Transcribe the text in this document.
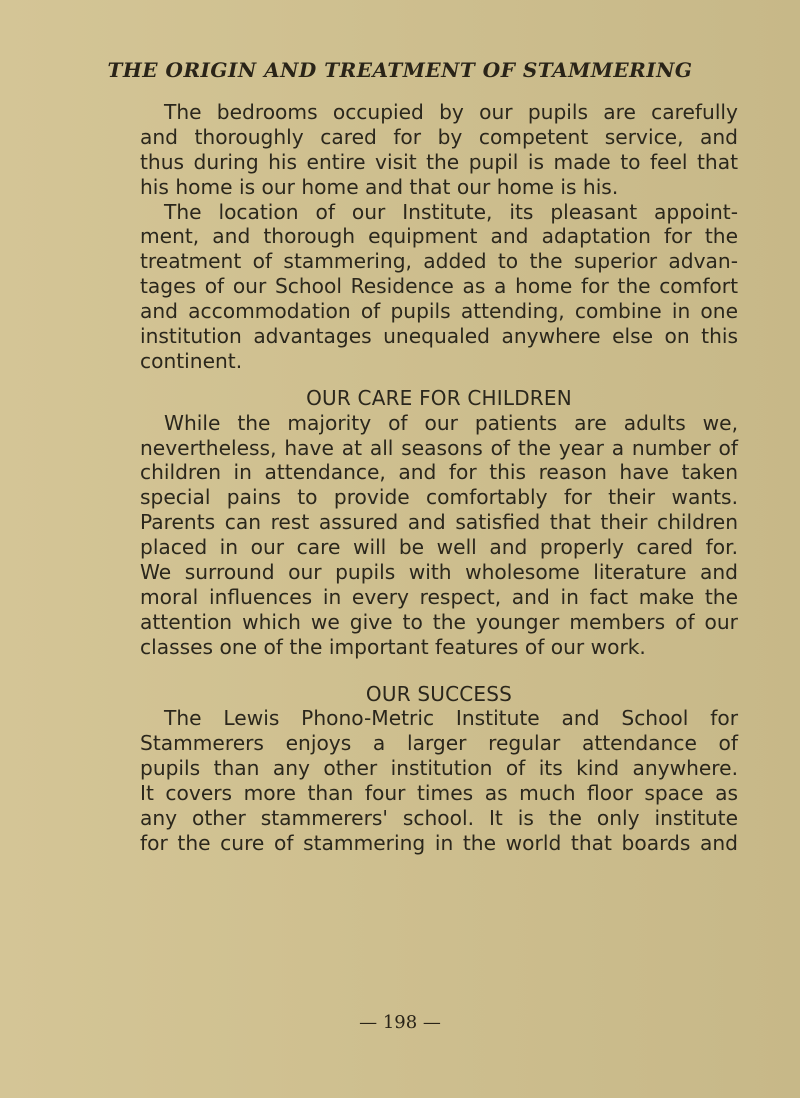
THE ORIGIN AND TREATMENT OF STAMMERING
The bedrooms occupied by our pupils are carefully
and thoroughly cared for by competent service, and
thus during his entire visit the pupil is made to feel that
his home is our home and that our home is his.
The location of our Institute, its pleasant appoint-
ment, and thorough equipment and adaptation for the
treatment of stammering, added to the superior advan-
tages of our School Residence as a home for the comfort
and accommodation of pupils attending, combine in one
institution advantages unequaled anywhere else on this
continent.
OUR CARE FOR CHILDREN
While the majority of our patients are adults we,
nevertheless, have at all seasons of the year a number of
children in attendance, and for this reason have taken
special pains to provide comfortably for their wants.
Parents can rest assured and satisfied that their children
placed in our care will be well and properly cared for.
We surround our pupils with wholesome literature and
moral influences in every respect, and in fact make the
attention which we give to the younger members of our
classes one of the important features of our work.
OUR SUCCESS
The Lewis Phono-Metric Institute and School for
Stammerers enjoys a larger regular attendance of
pupils than any other institution of its kind anywhere.
It covers more than four times as much floor space as
any other stammerers' school. It is the only institute
for the cure of stammering in the world that boards and
— 198 —
